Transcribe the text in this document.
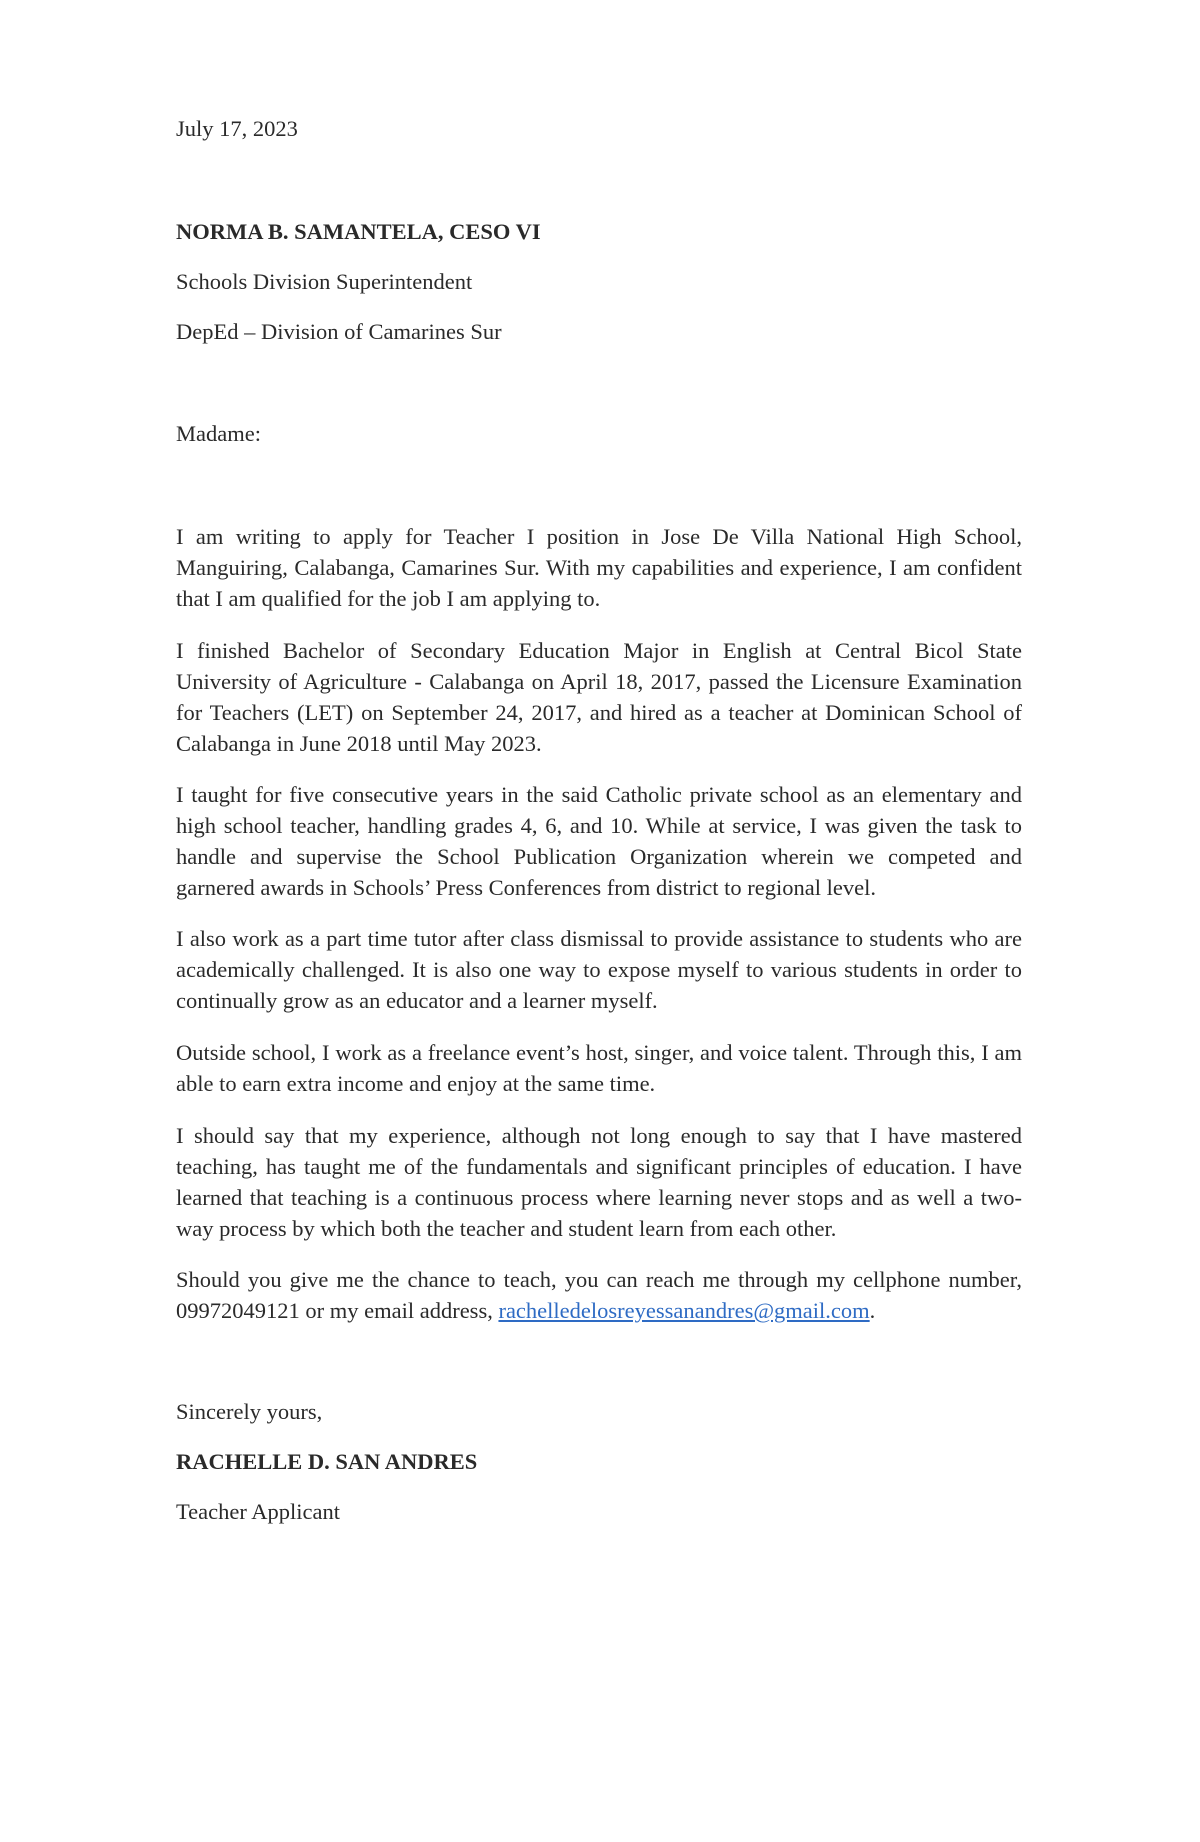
July 17, 2023
NORMA B. SAMANTELA, CESO VI
Schools Division Superintendent
DepEd – Division of Camarines Sur
Madame:

I am writing to apply for Teacher I position in Jose De Villa National High School, Manguiring, Calabanga, Camarines Sur. With my capabilities and experience, I am confident that I am qualified for the job I am applying to.

I finished Bachelor of Secondary Education Major in English at Central Bicol State University of Agriculture - Calabanga on April 18, 2017, passed the Licensure Examination for Teachers (LET) on September 24, 2017, and hired as a teacher at Dominican School of Calabanga in June 2018 until May 2023.

I taught for five consecutive years in the said Catholic private school as an elementary and high school teacher, handling grades 4, 6, and 10. While at service, I was given the task to handle and supervise the School Publication Organization wherein we competed and garnered awards in Schools’ Press Conferences from district to regional level.

I also work as a part time tutor after class dismissal to provide assistance to students who are academically challenged. It is also one way to expose myself to various students in order to continually grow as an educator and a learner myself.

Outside school, I work as a freelance event’s host, singer, and voice talent. Through this, I am able to earn extra income and enjoy at the same time.

I should say that my experience, although not long enough to say that I have mastered teaching, has taught me of the fundamentals and significant principles of education. I have learned that teaching is a continuous process where learning never stops and as well a two-way process by which both the teacher and student learn from each other.

Should you give me the chance to teach, you can reach me through my cellphone number, 09972049121 or my email address, rachelledelosreyessanandres@gmail.com.

Sincerely yours,
RACHELLE D. SAN ANDRES
Teacher Applicant
